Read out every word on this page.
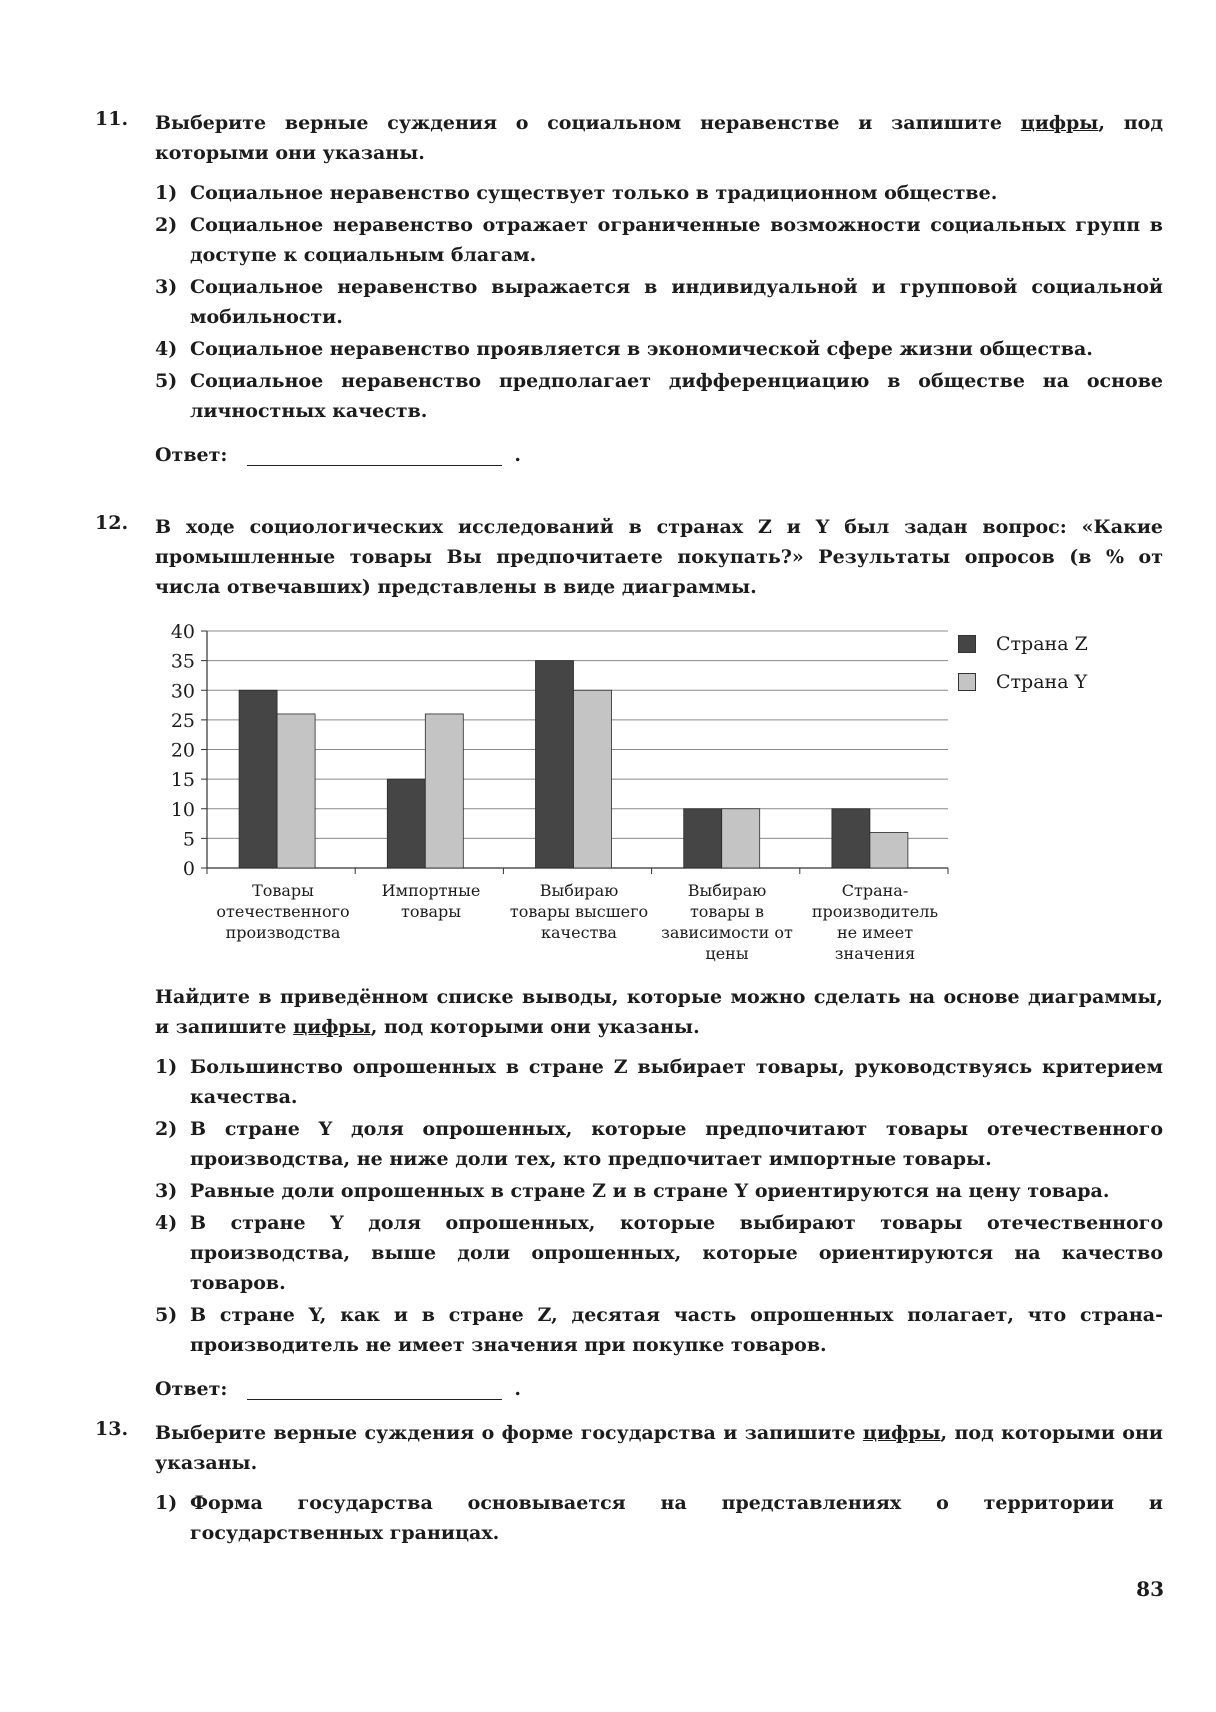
11. Выберите верные суждения о социальном неравенстве и запишите цифры, под которыми они указаны.
1) Социальное неравенство существует только в традиционном обществе.
2) Социальное неравенство отражает ограниченные возможности социальных групп в доступе к социальным благам.
3) Социальное неравенство выражается в индивидуальной и групповой социальной мобильности.
4) Социальное неравенство проявляется в экономической сфере жизни общества.
5) Социальное неравенство предполагает дифференциацию в обществе на основе личностных качеств.
Ответ:	.
12. В ходе социологических исследований в странах Z и Y был задан вопрос: «Какие промышленные товары Вы предпочитаете покупать?» Результаты опросов (в % от числа отвечавших) представлены в виде диаграммы.
0
5
10
15
20
25
30
35
40
Страна Z
Страна Y
Товары
отечественного
производства
Импортные
товары
Выбираю
товары высшего
качества
Выбираю
товары в
зависимости от
цены
Страна-
производитель
не имеет
значения
Найдите в приведённом списке выводы, которые можно сделать на основе диаграммы, и запишите цифры, под которыми они указаны.
1) Большинство опрошенных в стране Z выбирает товары, руководствуясь критерием качества.
2) В стране Y доля опрошенных, которые предпочитают товары отечественного производства, не ниже доли тех, кто предпочитает импортные товары.
3) Равные доли опрошенных в стране Z и в стране Y ориентируются на цену товара.
4) В стране Y доля опрошенных, которые выбирают товары отечественного производства, выше доли опрошенных, которые ориентируются на качество товаров.
5) В стране Y, как и в стране Z, десятая часть опрошенных полагает, что страна-производитель не имеет значения при покупке товаров.
Ответ:	.
13. Выберите верные суждения о форме государства и запишите цифры, под которыми они указаны.
1) Форма государства основывается на представлениях о территории и государственных границах.
83
